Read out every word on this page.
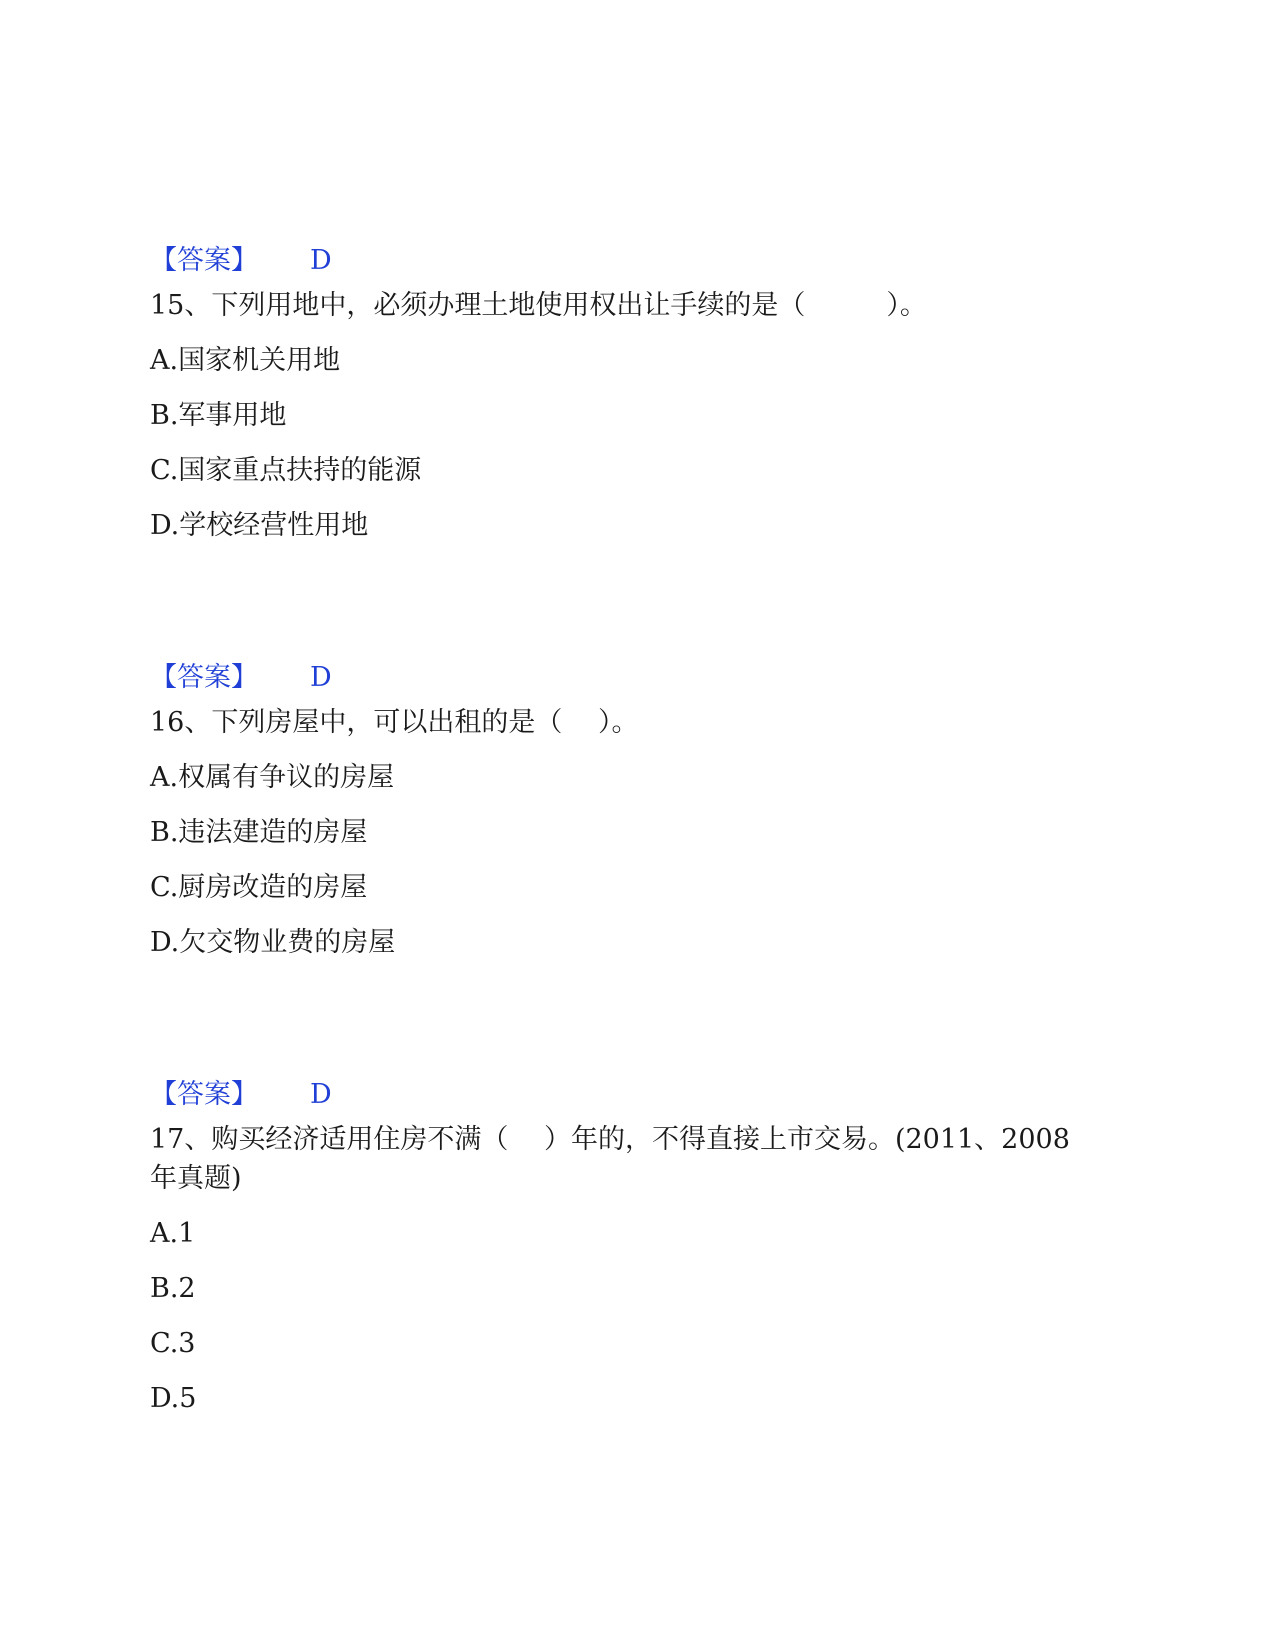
【答案】 D
15、下列用地中，必须办理土地使用权出让手续的是（　　　）。
A.国家机关用地
B.军事用地
C.国家重点扶持的能源
D.学校经营性用地
【答案】 D
16、下列房屋中，可以出租的是（　 ）。
A.权属有争议的房屋
B.违法建造的房屋
C.厨房改造的房屋
D.欠交物业费的房屋
【答案】 D
17、购买经济适用住房不满（　 ）年的，不得直接上市交易。(2011、2008
年真题)
A.1
B.2
C.3
D.5
